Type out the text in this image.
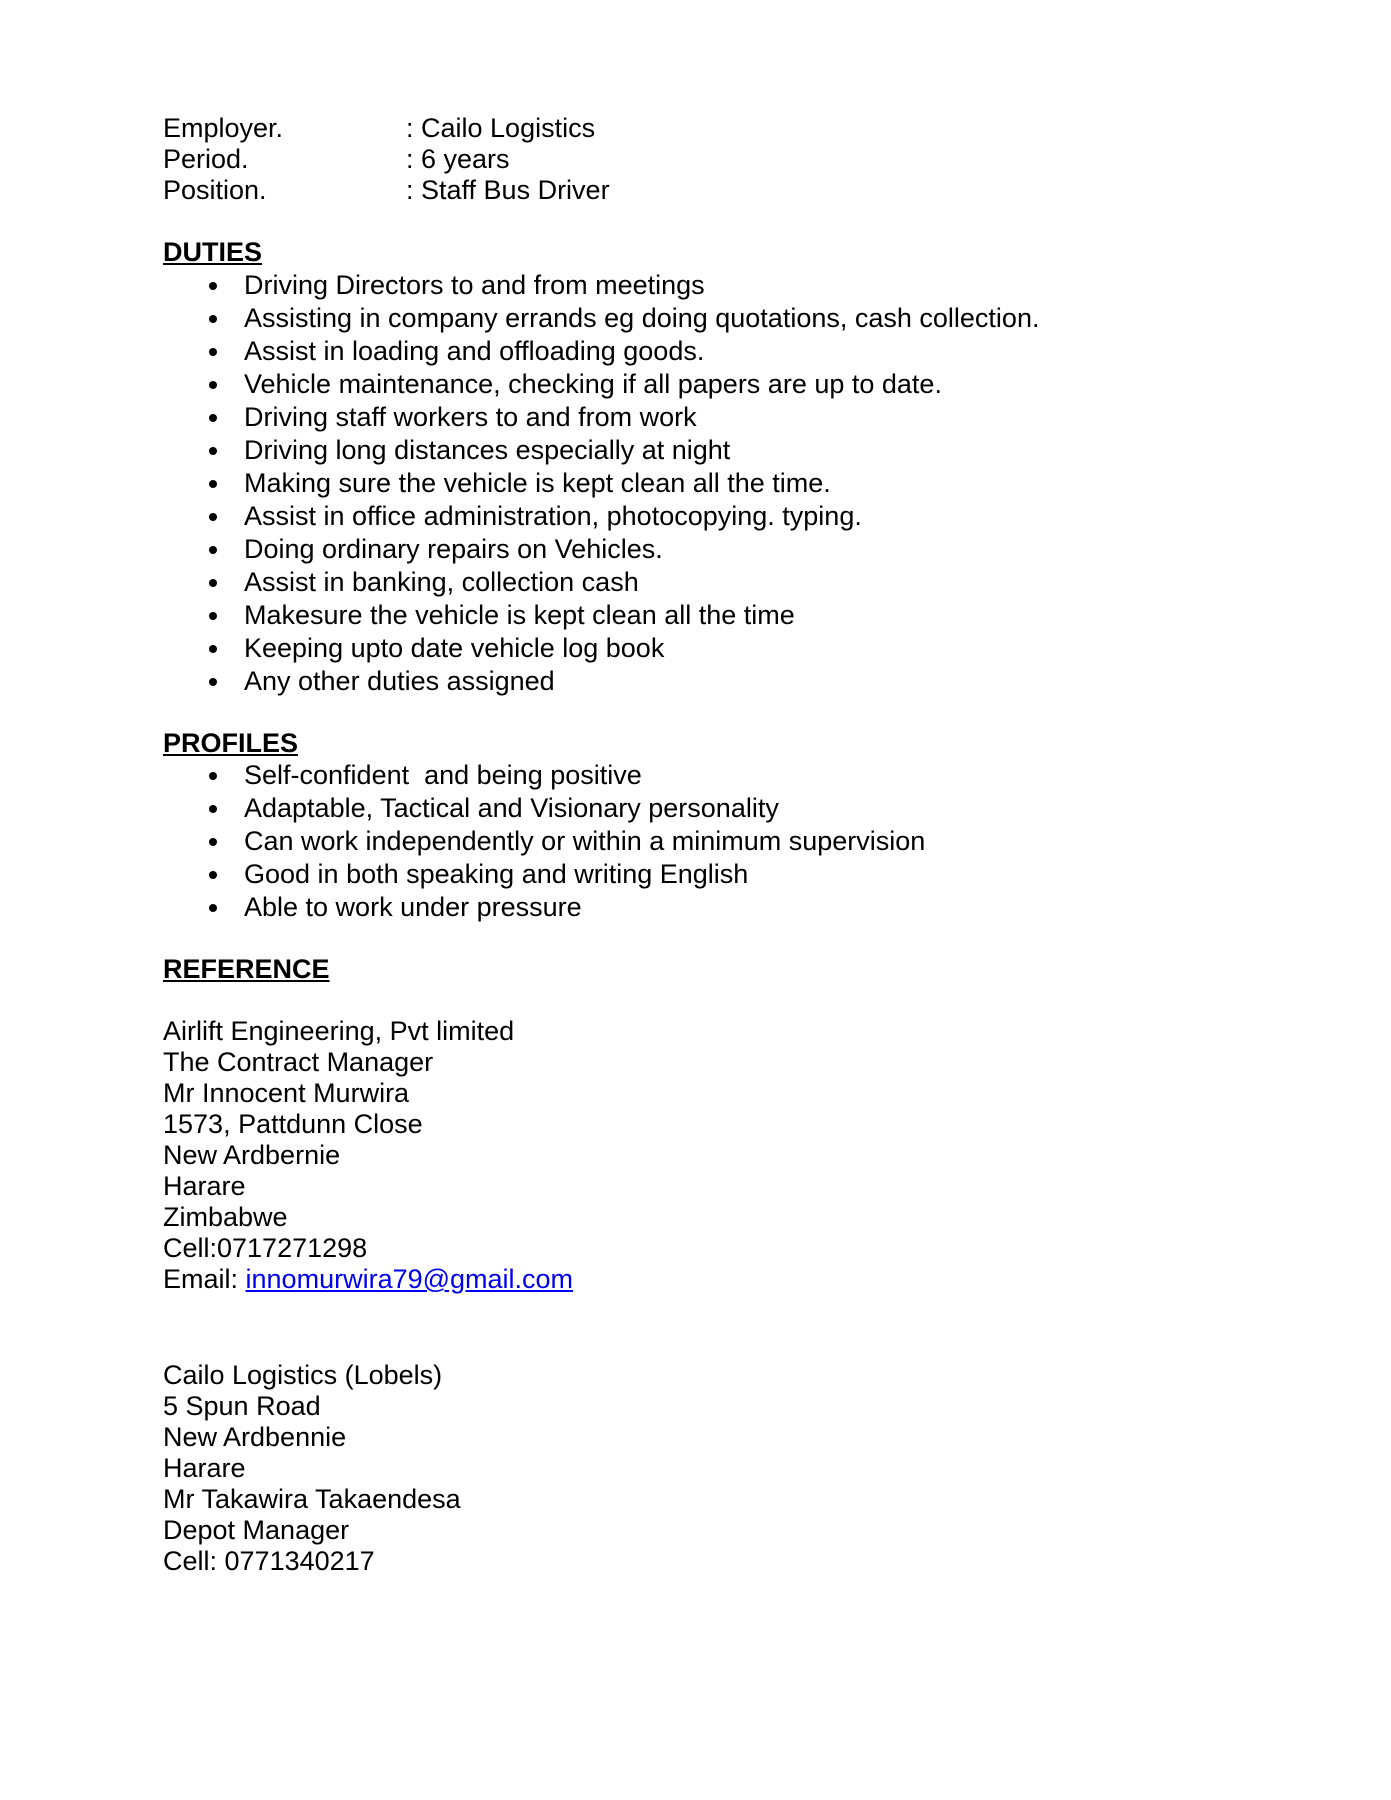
Employer.	: Cailo Logistics
Period.	: 6 years
Position.	: Staff Bus Driver
DUTIES
Driving Directors to and from meetings
Assisting in company errands eg doing quotations, cash collection.
Assist in loading and offloading goods.
Vehicle maintenance, checking if all papers are up to date.
Driving staff workers to and from work
Driving long distances especially at night
Making sure the vehicle is kept clean all the time.
Assist in office administration, photocopying. typing.
Doing ordinary repairs on Vehicles.
Assist in banking, collection cash
Makesure the vehicle is kept clean all the time
Keeping upto date vehicle log book
Any other duties assigned
PROFILES
Self-confident  and being positive
Adaptable, Tactical and Visionary personality
Can work independently or within a minimum supervision
Good in both speaking and writing English
Able to work under pressure
REFERENCE
Airlift Engineering, Pvt limited
The Contract Manager
Mr Innocent Murwira
1573, Pattdunn Close
New Ardbernie
Harare
Zimbabwe
Cell:0717271298
Email: innomurwira79@gmail.com
Cailo Logistics (Lobels)
5 Spun Road
New Ardbennie
Harare
Mr Takawira Takaendesa
Depot Manager
Cell: 0771340217
